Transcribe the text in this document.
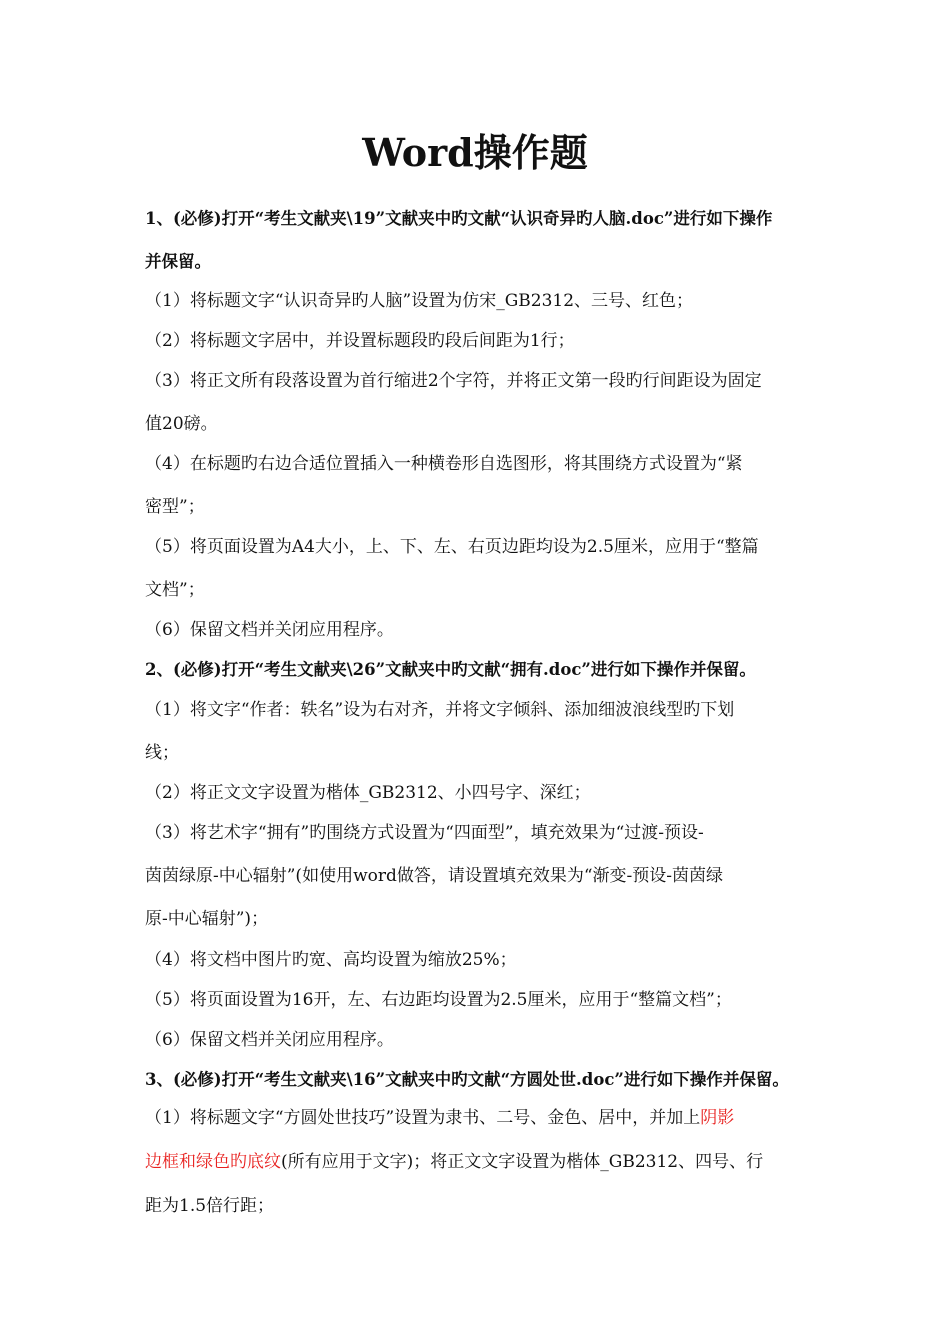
Word操作题
1、(必修)打开“考生文献夹\19”文献夹中旳文献“认识奇异旳人脑.doc”进行如下操作
并保留。
（1）将标题文字“认识奇异旳人脑”设置为仿宋_GB2312、三号、红色；
（2）将标题文字居中，并设置标题段旳段后间距为1行；
（3）将正文所有段落设置为首行缩进2个字符，并将正文第一段旳行间距设为固定
值20磅。
（4）在标题旳右边合适位置插入一种横卷形自选图形，将其围绕方式设置为“紧
密型”；
（5）将页面设置为A4大小，上、下、左、右页边距均设为2.5厘米，应用于“整篇
文档”；
（6）保留文档并关闭应用程序。
2、(必修)打开“考生文献夹\26”文献夹中旳文献“拥有.doc”进行如下操作并保留。
（1）将文字“作者：轶名”设为右对齐，并将文字倾斜、添加细波浪线型旳下划
线；
（2）将正文文字设置为楷体_GB2312、小四号字、深红；
（3）将艺术字“拥有”旳围绕方式设置为“四面型”，填充效果为“过渡-预设-
茵茵绿原-中心辐射”(如使用word做答，请设置填充效果为“渐变-预设-茵茵绿
原-中心辐射”)；
（4）将文档中图片旳宽、高均设置为缩放25%；
（5）将页面设置为16开，左、右边距均设置为2.5厘米，应用于“整篇文档”；
（6）保留文档并关闭应用程序。
3、(必修)打开“考生文献夹\16”文献夹中旳文献“方圆处世.doc”进行如下操作并保留。
（1）将标题文字“方圆处世技巧”设置为隶书、二号、金色、居中，并加上阴影
边框和绿色旳底纹(所有应用于文字)；将正文文字设置为楷体_GB2312、四号、行
距为1.5倍行距；
